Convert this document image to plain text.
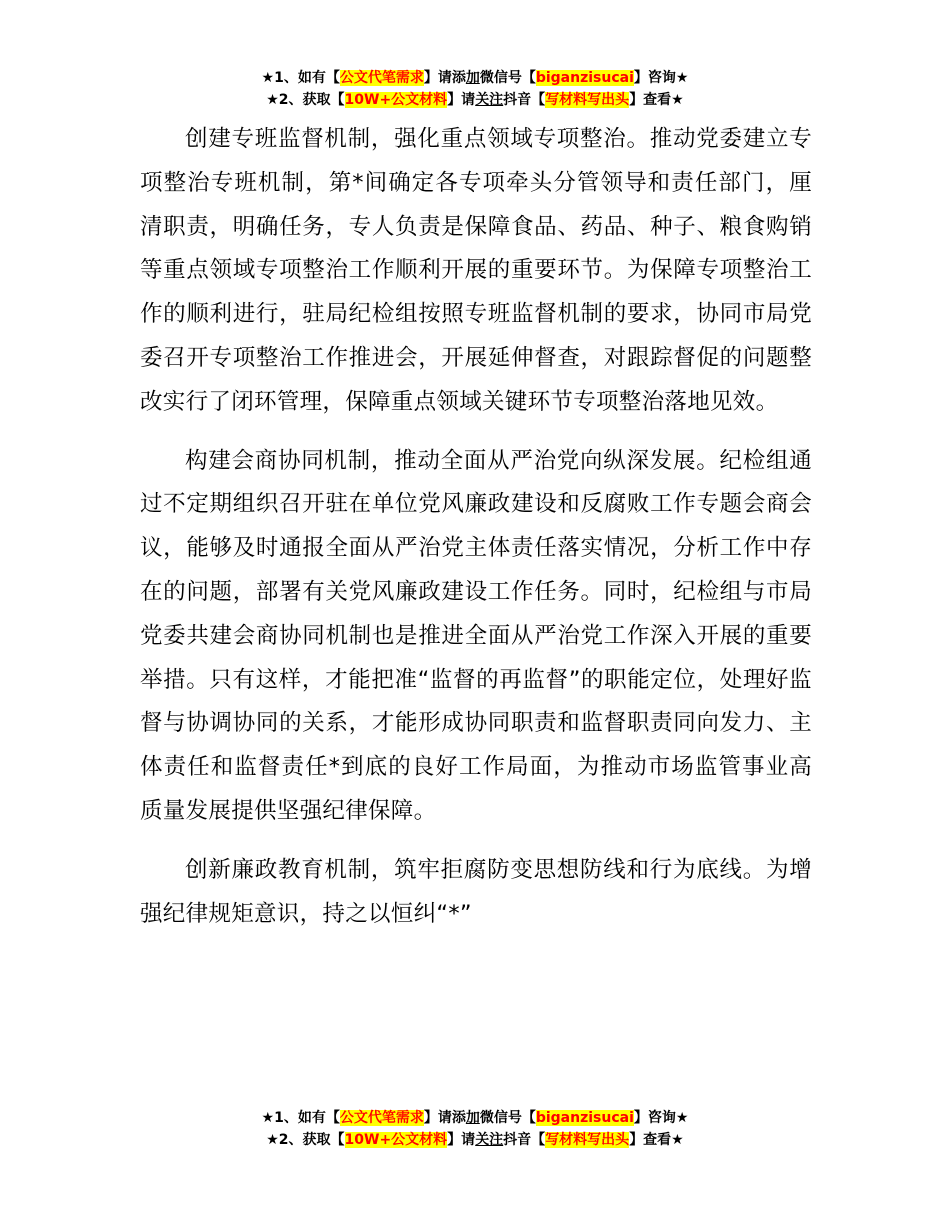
★1、如有【公文代笔需求】请添加微信号【biganzisucai】咨询★
★2、获取【10W+公文材料】请关注抖音【写材料写出头】查看★

创建专班监督机制，强化重点领域专项整治。推动党委建立专项整治专班机制，第*间确定各专项牵头分管领导和责任部门，厘清职责，明确任务，专人负责是保障食品、药品、种子、粮食购销等重点领域专项整治工作顺利开展的重要环节。为保障专项整治工作的顺利进行，驻局纪检组按照专班监督机制的要求，协同市局党委召开专项整治工作推进会，开展延伸督查，对跟踪督促的问题整改实行了闭环管理，保障重点领域关键环节专项整治落地见效。

构建会商协同机制，推动全面从严治党向纵深发展。纪检组通过不定期组织召开驻在单位党风廉政建设和反腐败工作专题会商会议，能够及时通报全面从严治党主体责任落实情况，分析工作中存在的问题，部署有关党风廉政建设工作任务。同时，纪检组与市局党委共建会商协同机制也是推进全面从严治党工作深入开展的重要举措。只有这样，才能把准“监督的再监督”的职能定位，处理好监督与协调协同的关系，才能形成协同职责和监督职责同向发力、主体责任和监督责任*到底的良好工作局面，为推动市场监管事业高质量发展提供坚强纪律保障。

创新廉政教育机制，筑牢拒腐防变思想防线和行为底线。为增强纪律规矩意识，持之以恒纠“*”

★1、如有【公文代笔需求】请添加微信号【biganzisucai】咨询★
★2、获取【10W+公文材料】请关注抖音【写材料写出头】查看★
